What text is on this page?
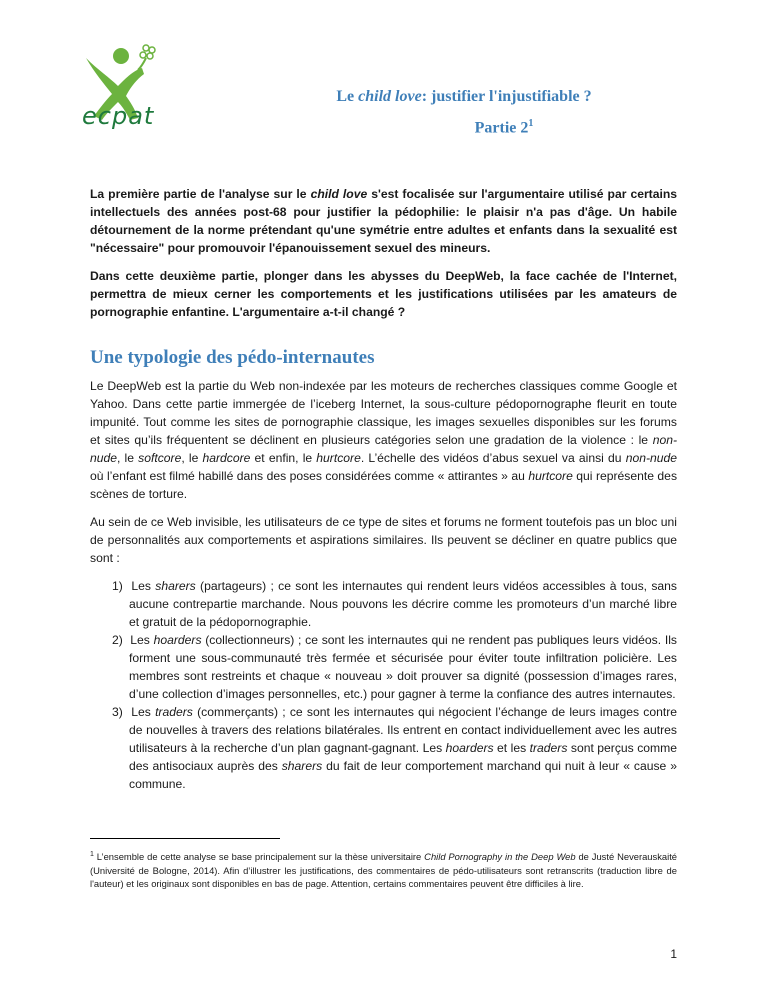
ecpat
Le child love: justifier l'injustifiable ?
Partie $2^1$

La première partie de l'analyse sur le child love s'est focalisée sur l'argumentaire utilisé par certains intellectuels des années post-68 pour justifier la pédophilie: le plaisir n'a pas d'âge. Un habile détournement de la norme prétendant qu'une symétrie entre adultes et enfants dans la sexualité est "nécessaire" pour promouvoir l'épanouissement sexuel des mineurs.

Dans cette deuxième partie, plonger dans les abysses du DeepWeb, la face cachée de l'Internet, permettra de mieux cerner les comportements et les justifications utilisées par les amateurs de pornographie enfantine. L'argumentaire a-t-il changé ?

Une typologie des pédo-internautes

Le DeepWeb est la partie du Web non-indexée par les moteurs de recherches classiques comme Google et Yahoo. Dans cette partie immergée de l’iceberg Internet, la sous-culture pédopornographe fleurit en toute impunité. Tout comme les sites de pornographie classique, les images sexuelles disponibles sur les forums et sites qu’ils fréquentent se déclinent en plusieurs catégories selon une gradation de la violence : le non-nude, le softcore, le hardcore et enfin, le hurtcore. L’échelle des vidéos d’abus sexuel va ainsi du non-nude où l’enfant est filmé habillé dans des poses considérées comme « attirantes » au hurtcore qui représente des scènes de torture.

Au sein de ce Web invisible, les utilisateurs de ce type de sites et forums ne forment toutefois pas un bloc uni de personnalités aux comportements et aspirations similaires. Ils peuvent se décliner en quatre publics que sont :

1)  Les sharers (partageurs) ; ce sont les internautes qui rendent leurs vidéos accessibles à tous, sans aucune contrepartie marchande. Nous pouvons les décrire comme les promoteurs d’un marché libre et gratuit de la pédopornographie.
2)  Les hoarders (collectionneurs) ; ce sont les internautes qui ne rendent pas publiques leurs vidéos. Ils forment une sous-communauté très fermée et sécurisée pour éviter toute infiltration policière. Les membres sont restreints et chaque « nouveau » doit prouver sa dignité (possession d’images rares, d’une collection d’images personnelles, etc.) pour gagner à terme la confiance des autres internautes.
3)  Les traders (commerçants) ; ce sont les internautes qui négocient l’échange de leurs images contre de nouvelles à travers des relations bilatérales. Ils entrent en contact individuellement avec les autres utilisateurs à la recherche d’un plan gagnant-gagnant. Les hoarders et les traders sont perçus comme des antisociaux auprès des sharers du fait de leur comportement marchand qui nuit à leur « cause » commune.
$^1$ L’ensemble de cette analyse se base principalement sur la thèse universitaire Child Pornography in the Deep Web de Justé Neverauskaité (Université de Bologne, 2014). Afin d’illustrer les justifications, des commentaires de pédo-utilisateurs sont retranscrits (traduction libre de l'auteur) et les originaux sont disponibles en bas de page. Attention, certains commentaires peuvent être difficiles à lire.
1
